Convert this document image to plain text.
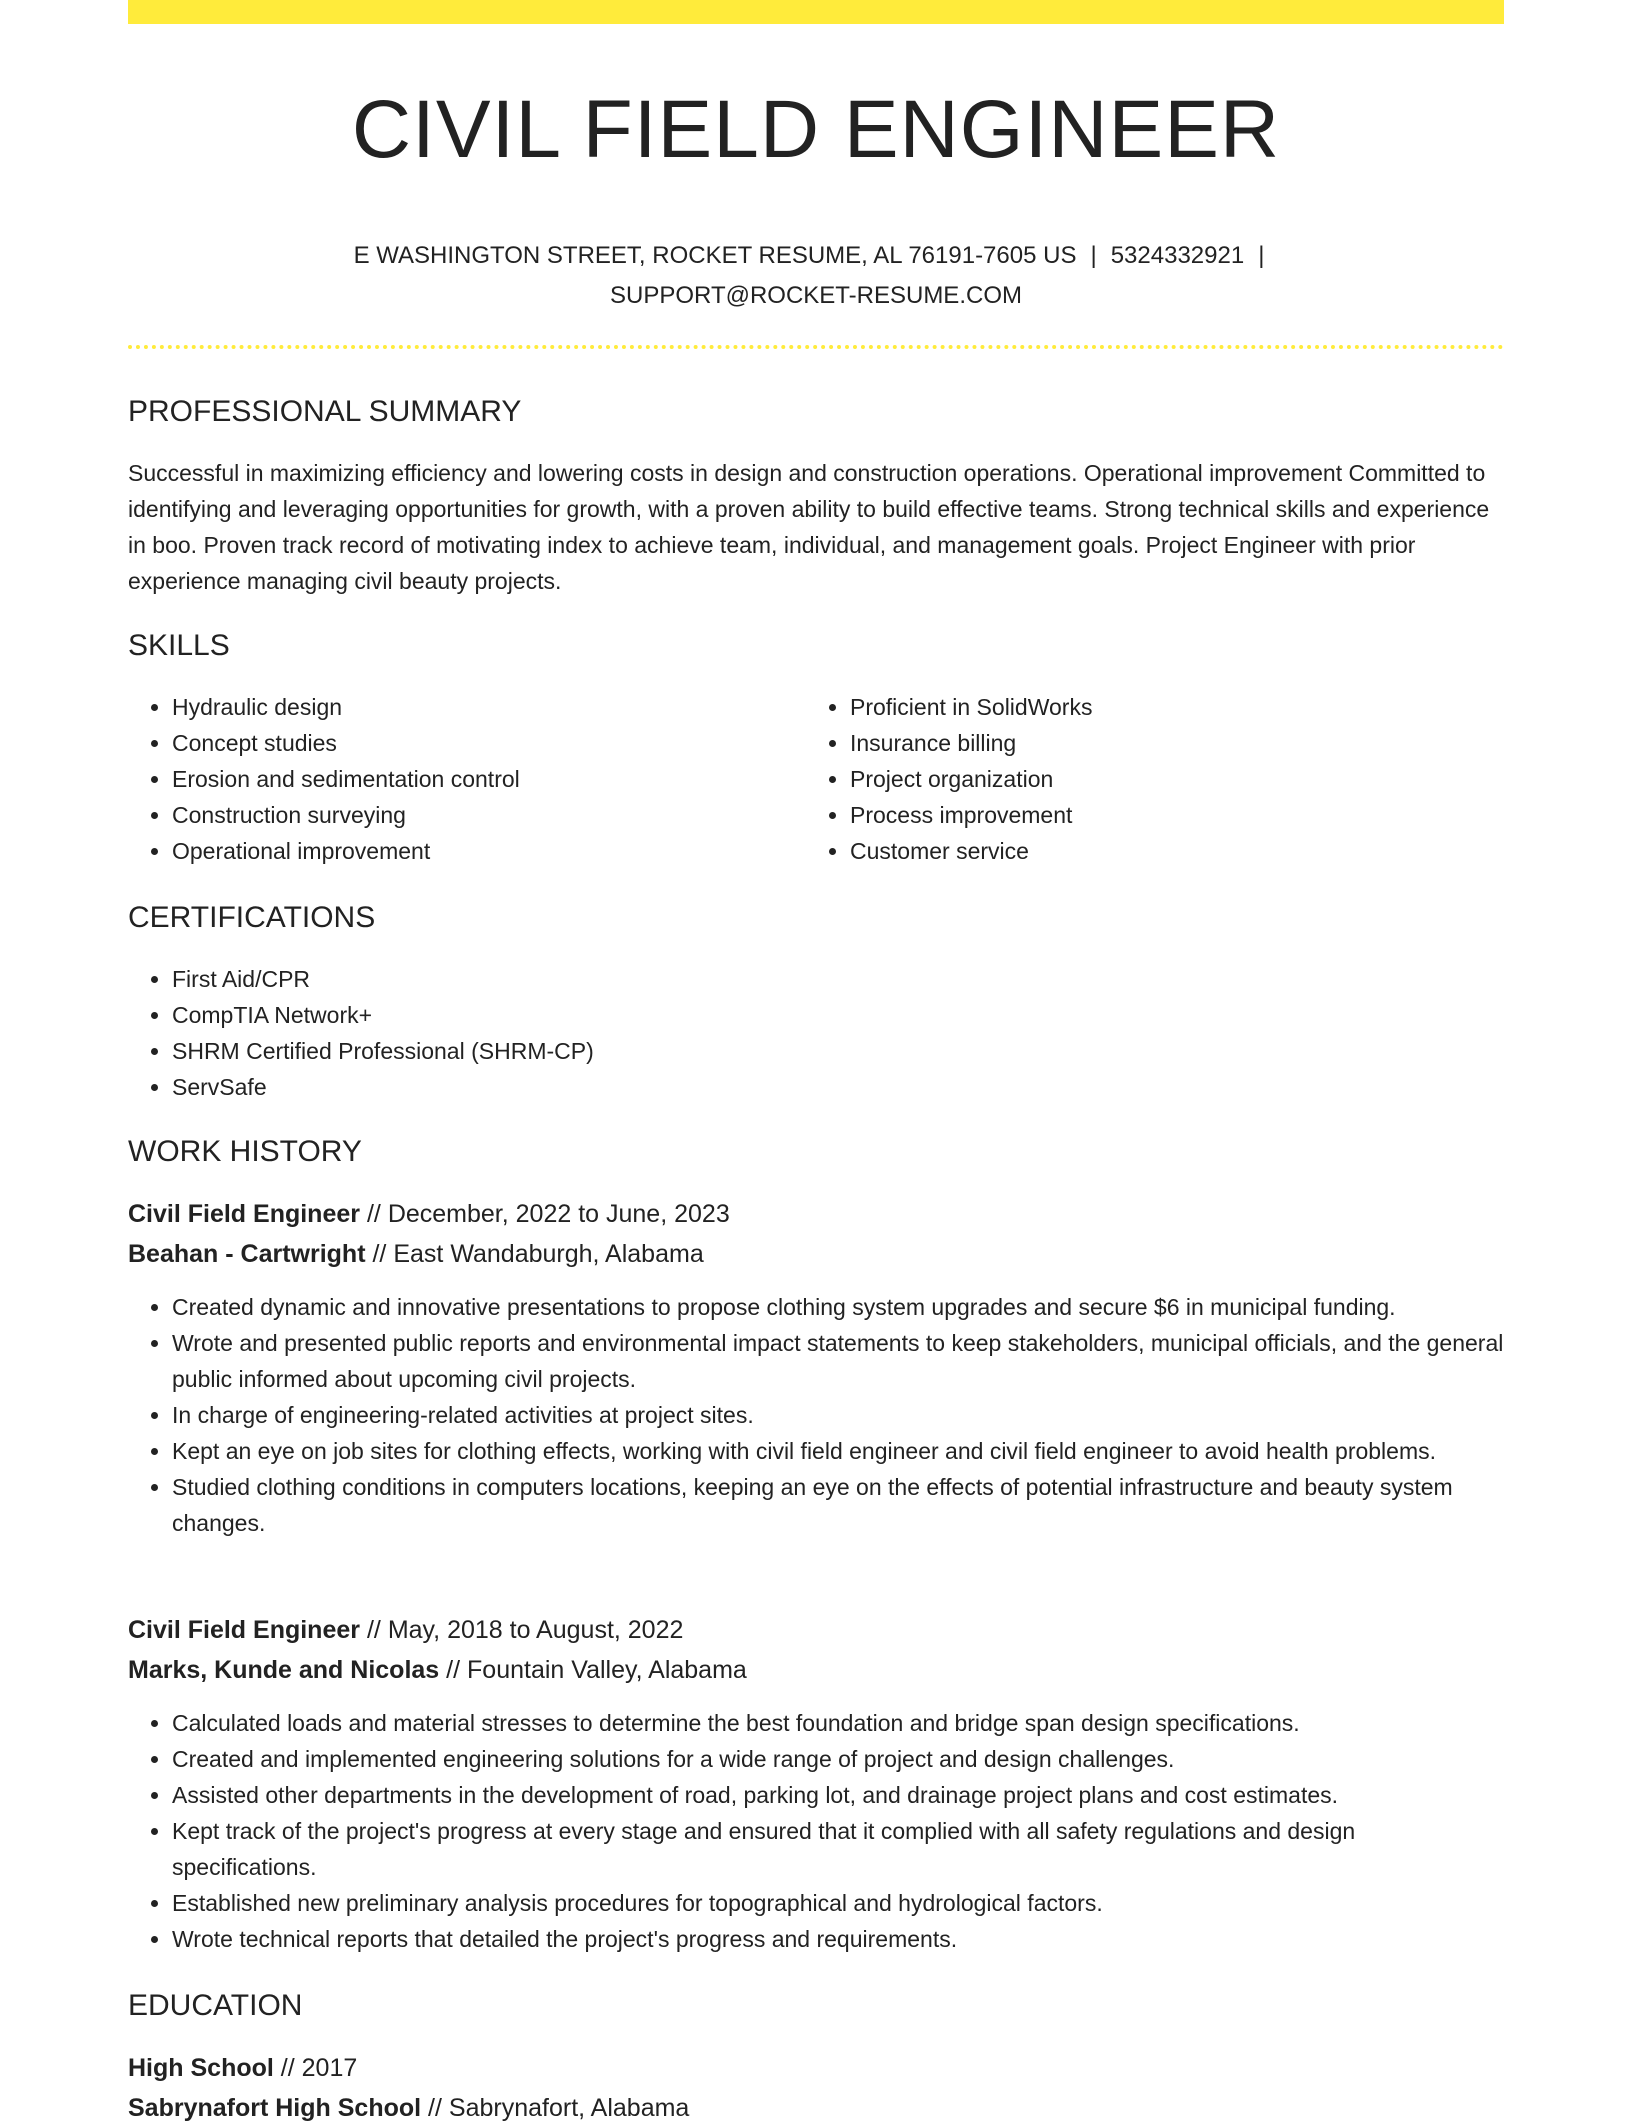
CIVIL FIELD ENGINEER
E WASHINGTON STREET, ROCKET RESUME, AL 76191-7605 US | 5324332921 |
SUPPORT@ROCKET-RESUME.COM
PROFESSIONAL SUMMARY

Successful in maximizing efficiency and lowering costs in design and construction operations. Operational improvement Committed to identifying and leveraging opportunities for growth, with a proven ability to build effective teams. Strong technical skills and experience in boo. Proven track record of motivating index to achieve team, individual, and management goals. Project Engineer with prior experience managing civil beauty projects.

SKILLS
• Hydraulic design
• Concept studies
• Erosion and sedimentation control
• Construction surveying
• Operational improvement
• Proficient in SolidWorks
• Insurance billing
• Project organization
• Process improvement
• Customer service
CERTIFICATIONS
• First Aid/CPR
• CompTIA Network+
• SHRM Certified Professional (SHRM-CP)
• ServSafe
WORK HISTORY
Civil Field Engineer // December, 2022 to June, 2023
Beahan - Cartwright // East Wandaburgh, Alabama
• Created dynamic and innovative presentations to propose clothing system upgrades and secure $6 in municipal funding.
• Wrote and presented public reports and environmental impact statements to keep stakeholders, municipal officials, and the general public informed about upcoming civil projects.
• In charge of engineering-related activities at project sites.
• Kept an eye on job sites for clothing effects, working with civil field engineer and civil field engineer to avoid health problems.
• Studied clothing conditions in computers locations, keeping an eye on the effects of potential infrastructure and beauty system changes.
Civil Field Engineer // May, 2018 to August, 2022
Marks, Kunde and Nicolas // Fountain Valley, Alabama
• Calculated loads and material stresses to determine the best foundation and bridge span design specifications.
• Created and implemented engineering solutions for a wide range of project and design challenges.
• Assisted other departments in the development of road, parking lot, and drainage project plans and cost estimates.
• Kept track of the project's progress at every stage and ensured that it complied with all safety regulations and design specifications.
• Established new preliminary analysis procedures for topographical and hydrological factors.
• Wrote technical reports that detailed the project's progress and requirements.
EDUCATION
High School // 2017
Sabrynafort High School // Sabrynafort, Alabama
